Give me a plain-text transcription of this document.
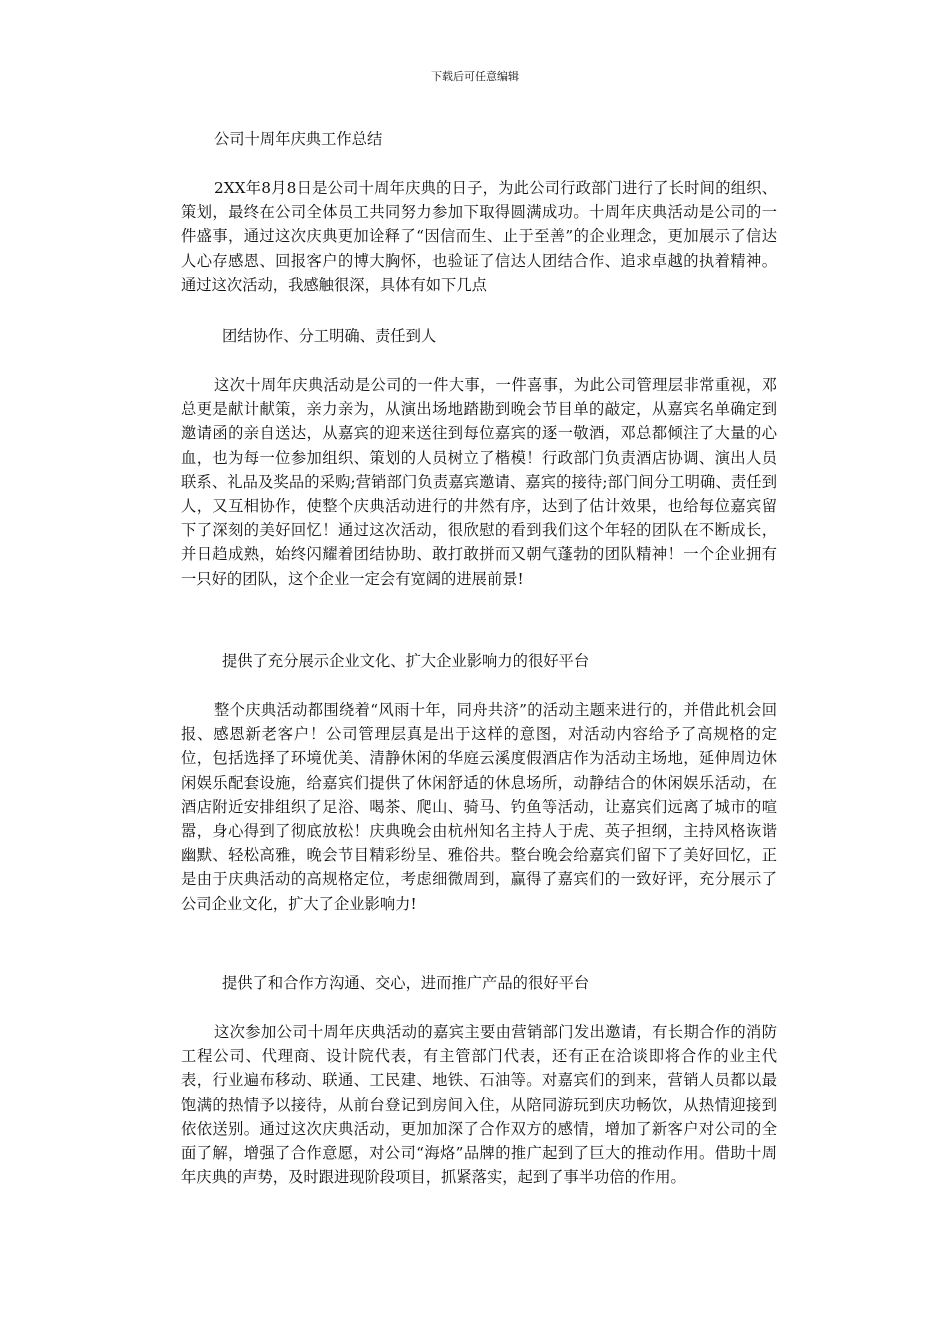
下载后可任意编辑
公司十周年庆典工作总结
2XX年8月8日是公司十周年庆典的日子，为此公司行政部门进行了长时间的组织、策划，最终在公司全体员工共同努力参加下取得圆满成功。十周年庆典活动是公司的一件盛事，通过这次庆典更加诠释了“因信而生、止于至善”的企业理念，更加展示了信达人心存感恩、回报客户的博大胸怀，也验证了信达人团结合作、追求卓越的执着精神。通过这次活动，我感触很深，具体有如下几点
团结协作、分工明确、责任到人
这次十周年庆典活动是公司的一件大事，一件喜事，为此公司管理层非常重视，邓总更是献计献策，亲力亲为，从演出场地踏勘到晚会节目单的敲定，从嘉宾名单确定到邀请函的亲自送达，从嘉宾的迎来送往到每位嘉宾的逐一敬酒，邓总都倾注了大量的心血，也为每一位参加组织、策划的人员树立了楷模！行政部门负责酒店协调、演出人员联系、礼品及奖品的采购;营销部门负责嘉宾邀请、嘉宾的接待;部门间分工明确、责任到人，又互相协作，使整个庆典活动进行的井然有序，达到了估计效果，也给每位嘉宾留下了深刻的美好回忆！通过这次活动，很欣慰的看到我们这个年轻的团队在不断成长，并日趋成熟，始终闪耀着团结协助、敢打敢拼而又朝气蓬勃的团队精神！一个企业拥有一只好的团队，这个企业一定会有宽阔的进展前景!
提供了充分展示企业文化、扩大企业影响力的很好平台
整个庆典活动都围绕着“风雨十年，同舟共济”的活动主题来进行的，并借此机会回报、感恩新老客户！公司管理层真是出于这样的意图，对活动内容给予了高规格的定位，包括选择了环境优美、清静休闲的华庭云溪度假酒店作为活动主场地，延伸周边休闲娱乐配套设施，给嘉宾们提供了休闲舒适的休息场所，动静结合的休闲娱乐活动，在酒店附近安排组织了足浴、喝茶、爬山、骑马、钓鱼等活动，让嘉宾们远离了城市的喧嚣，身心得到了彻底放松！庆典晚会由杭州知名主持人于虎、英子担纲，主持风格诙谐幽默、轻松高雅，晚会节目精彩纷呈、雅俗共。整台晚会给嘉宾们留下了美好回忆，正是由于庆典活动的高规格定位，考虑细微周到，赢得了嘉宾们的一致好评，充分展示了公司企业文化，扩大了企业影响力!
提供了和合作方沟通、交心，进而推广产品的很好平台
这次参加公司十周年庆典活动的嘉宾主要由营销部门发出邀请，有长期合作的消防工程公司、代理商、设计院代表，有主管部门代表，还有正在洽谈即将合作的业主代表，行业遍布移动、联通、工民建、地铁、石油等。对嘉宾们的到来，营销人员都以最饱满的热情予以接待，从前台登记到房间入住，从陪同游玩到庆功畅饮，从热情迎接到依依送别。通过这次庆典活动，更加加深了合作双方的感情，增加了新客户对公司的全面了解，增强了合作意愿，对公司“海烙”品牌的推广起到了巨大的推动作用。借助十周年庆典的声势，及时跟进现阶段项目，抓紧落实，起到了事半功倍的作用。
